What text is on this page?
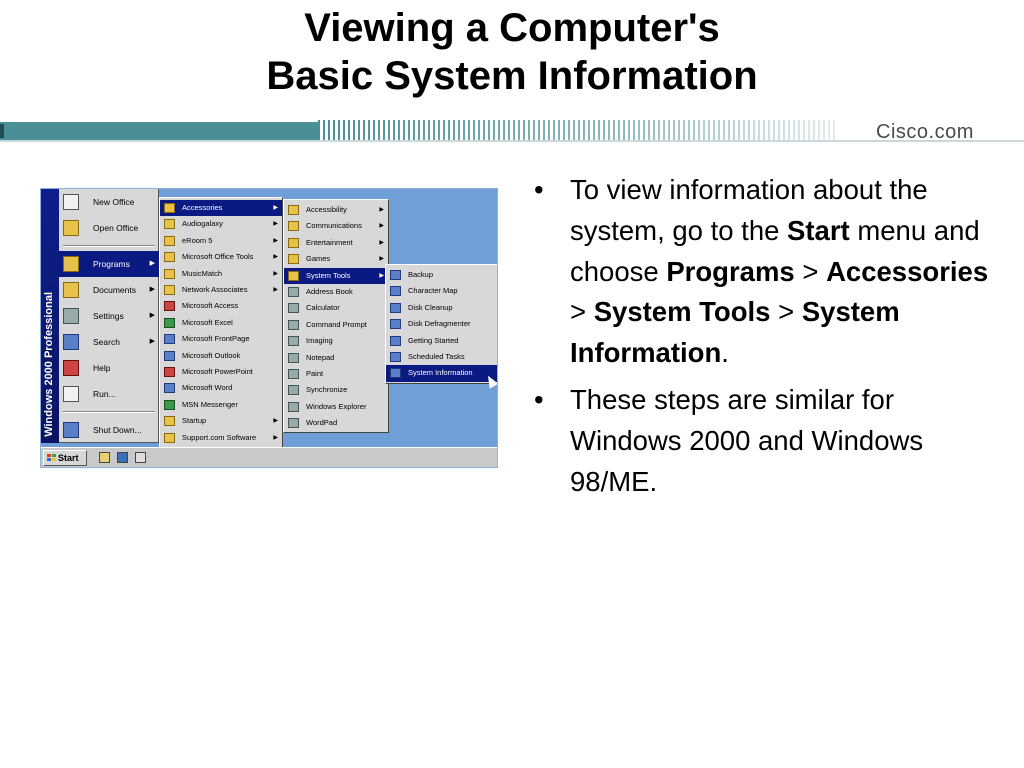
Viewing a Computer's
Basic System Information
Cisco.com
Windows 2000 Professional
New Office
Open Office
Programs	▶
Documents ▶
Settings	▶
Search	▶
Help
Run...
Shut Down...
Accessories	▶
Audiogalaxy	▶
eRoom 5	▶
Microsoft Office Tools	▶
MusicMatch	▶
Network Associates	▶
Microsoft Access
Microsoft Excel
Microsoft FrontPage
Microsoft Outlook
Microsoft PowerPoint
Microsoft Word
MSN Messenger
Startup	▶
Support.com Software	▶
Accessibility	▶
Communications	▶
Entertainment	▶
Games	▶
System Tools	▶
Address Book
Calculator
Command Prompt
Imaging
Notepad
Paint
Synchronize
Windows Explorer
WordPad
Backup
Character Map
Disk Cleanup
Disk Defragmenter
Getting Started
Scheduled Tasks
System Information
Start
• To view information about the system, go to the Start menu and choose Programs > Accessories > System Tools > System Information.
• These steps are similar for Windows 2000 and Windows 98/ME.
